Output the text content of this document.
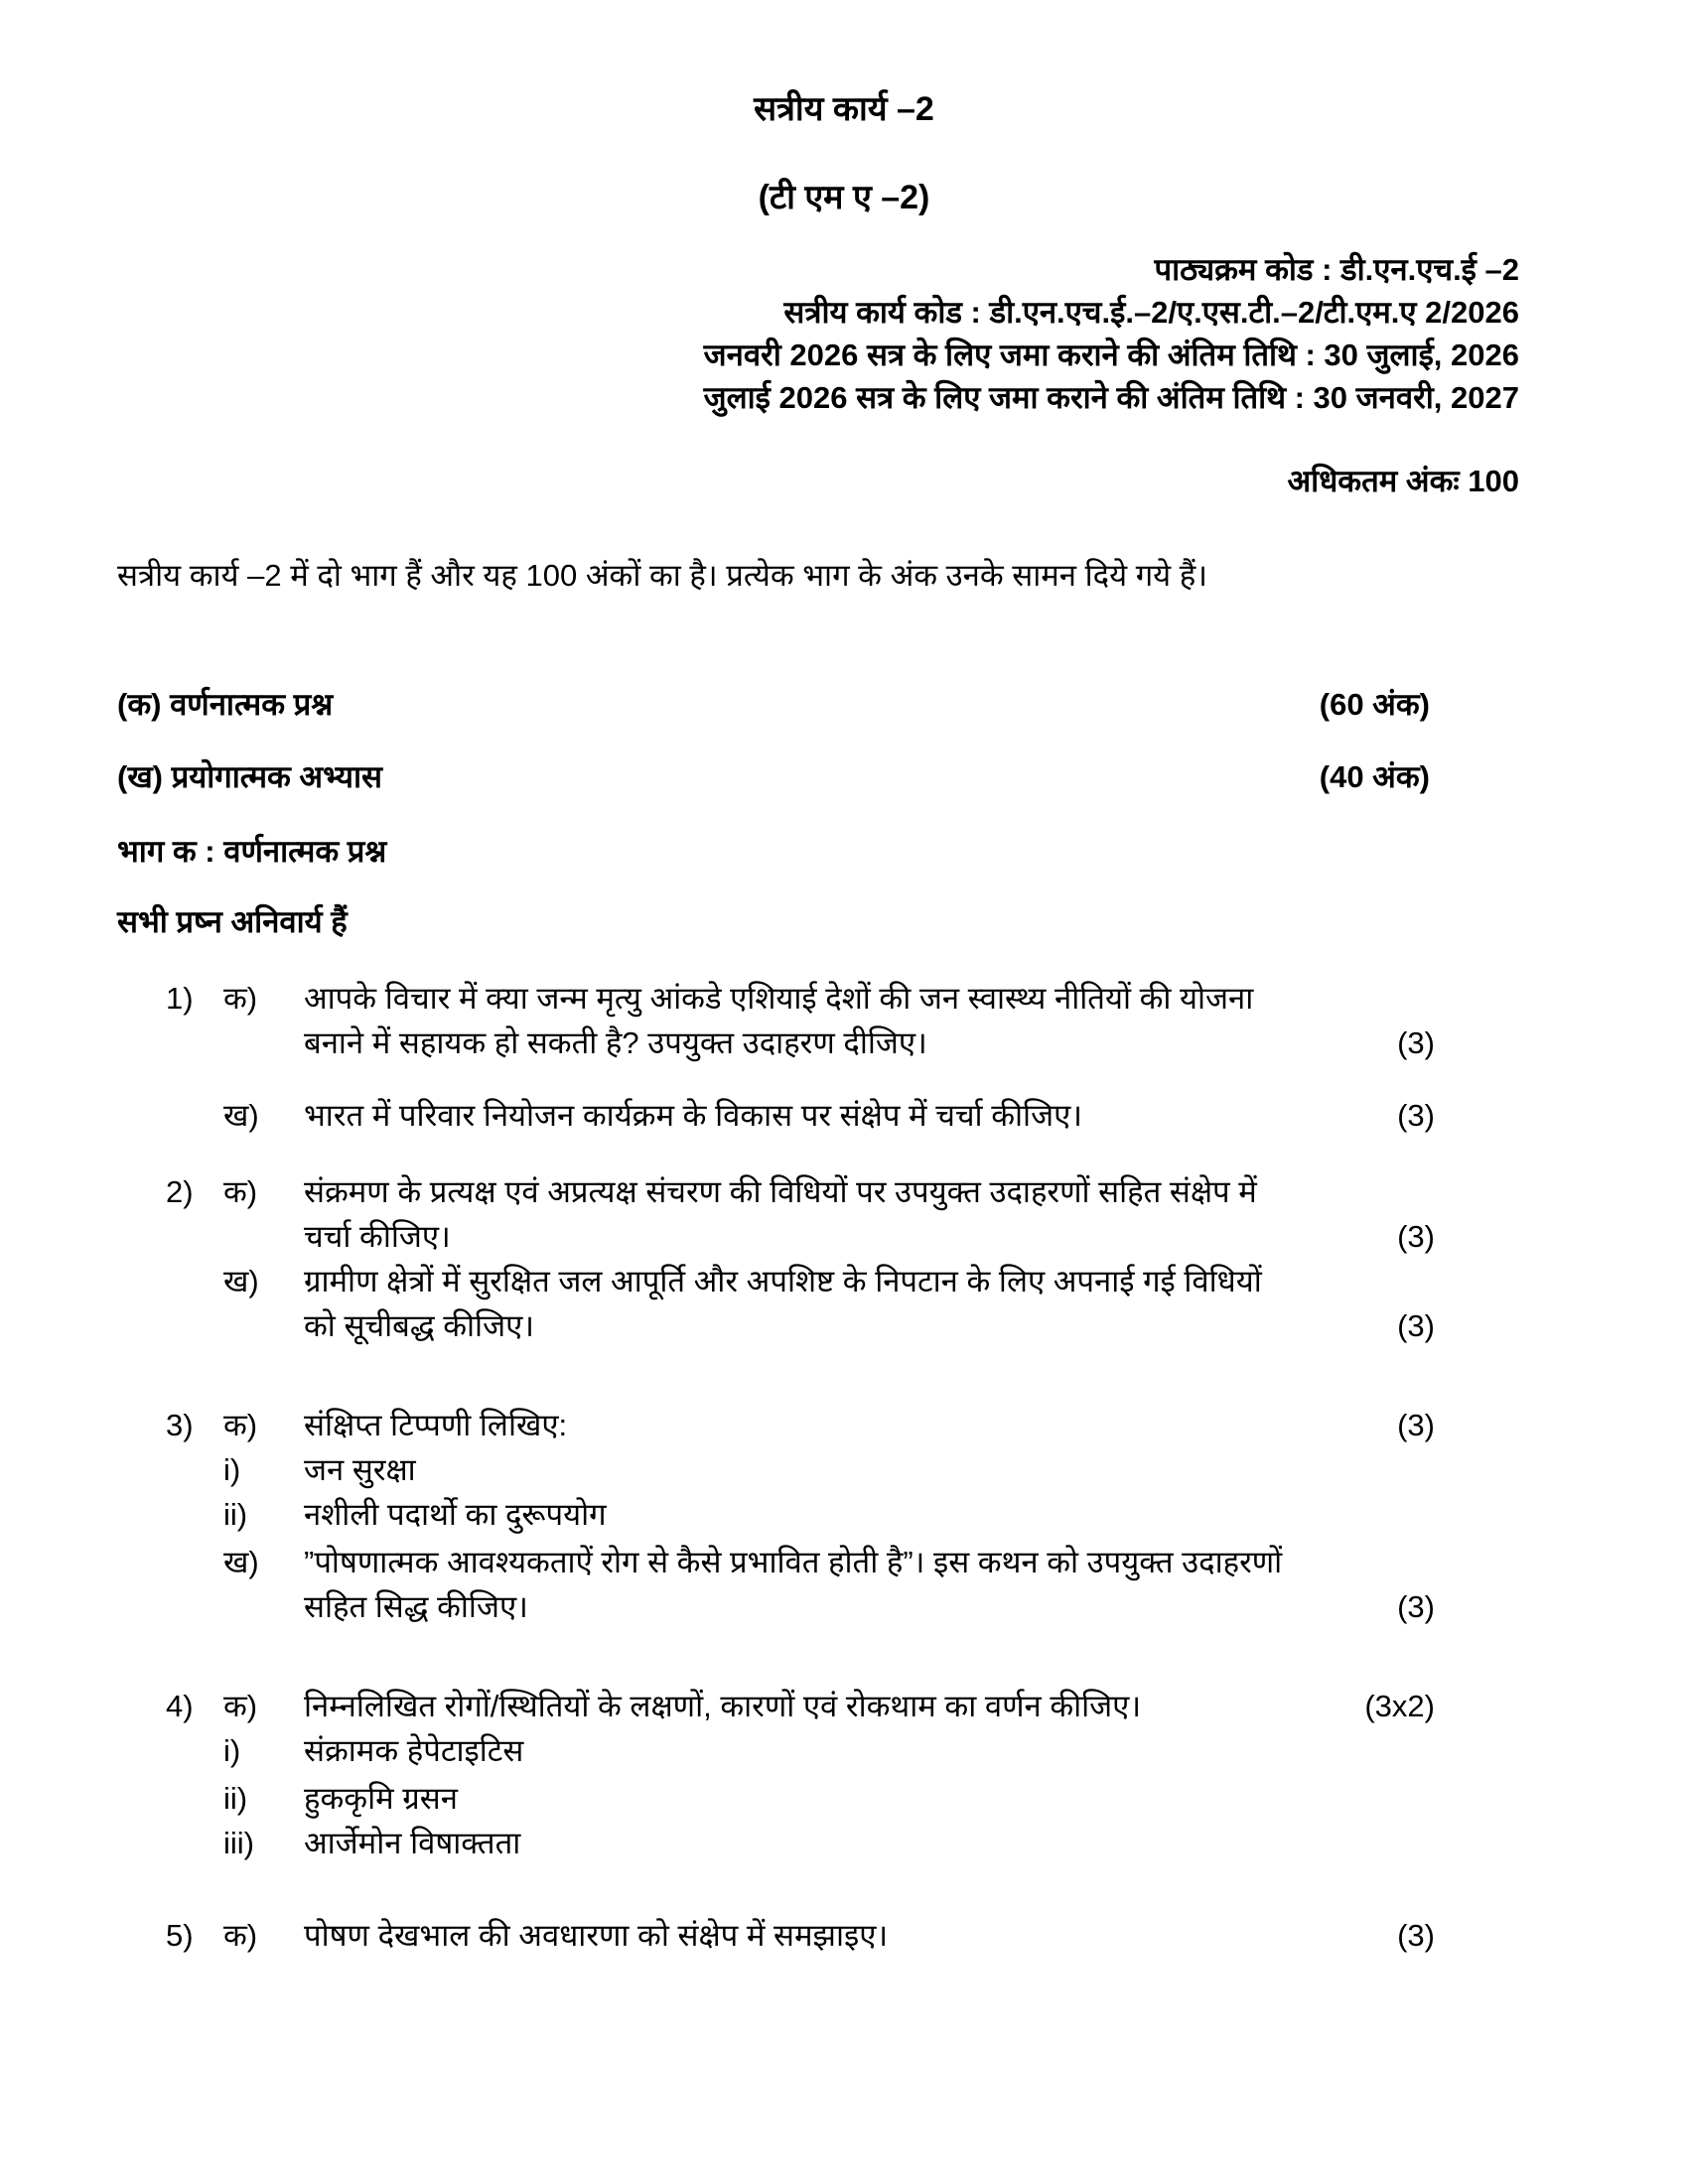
सत्रीय कार्य –2
(टी एम ए –2)
पाठ्यक्रम कोड : डी.एन.एच.ई –2
सत्रीय कार्य कोड : डी.एन.एच.ई.–2/ए.एस.टी.–2/टी.एम.ए 2/2026
जनवरी 2026 सत्र के लिए जमा कराने की अंतिम तिथि : 30 जुलाई, 2026
जुलाई 2026 सत्र के लिए जमा कराने की अंतिम तिथि : 30 जनवरी, 2027
अधिकतम अंकः 100
सत्रीय कार्य –2 में दो भाग हैं और यह 100 अंकों का है। प्रत्येक भाग के अंक उनके सामन दिये गये हैं।
(क) वर्णनात्मक प्रश्न	(60 अंक)
(ख) प्रयोगात्मक अभ्यास	(40 अंक)
भाग क : वर्णनात्मक प्रश्न
सभी प्रष्न अनिवार्य हैं
1) क)	आपके विचार में क्या जन्म मृत्यु आंकडे एशियाई देशों की जन स्वास्थ्य नीतियों की योजना
बनाने में सहायक हो सकती है? उपयुक्त उदाहरण दीजिए।	(3)
ख)	भारत में परिवार नियोजन कार्यक्रम के विकास पर संक्षेप में चर्चा कीजिए।	(3)
2) क)	संक्रमण के प्रत्यक्ष एवं अप्रत्यक्ष संचरण की विधियों पर उपयुक्त उदाहरणों सहित संक्षेप में
चर्चा कीजिए।	(3)
ख)	ग्रामीण क्षेत्रों में सुरक्षित जल आपूर्ति और अपशिष्ट के निपटान के लिए अपनाई गई विधियों
को सूचीबद्ध कीजिए।	(3)
3) क)	संक्षिप्त टिप्पणी लिखिए:	(3)
i)	जन सुरक्षा
ii)	नशीली पदार्थो का दुरूपयोग
ख)	”पोषणात्मक आवश्यकताऐं रोग से कैसे प्रभावित होती है”। इस कथन को उपयुक्त उदाहरणों
सहित सिद्ध कीजिए।	(3)
4) क)	निम्नलिखित रोगों/स्थितियों के लक्षणों, कारणों एवं रोकथाम का वर्णन कीजिए।	(3x2)
i)	संक्रामक हेपेटाइटिस
ii)	हुककृमि ग्रसन
iii)	आर्जेमोन विषाक्तता
5) क)	पोषण देखभाल की अवधारणा को संक्षेप में समझाइए।	(3)
